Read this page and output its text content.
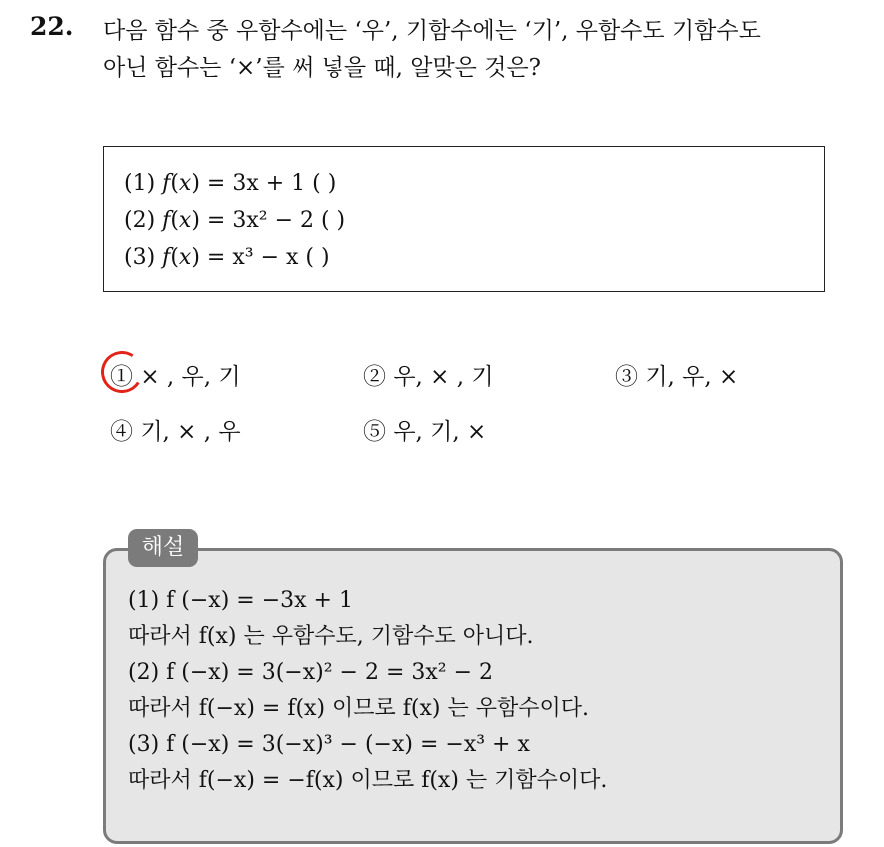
22. 다음 함수 중 우함수에는 ‘우’, 기함수에는 ‘기’, 우함수도 기함수도
아닌 함수는 ‘×’를 써 넣을 때, 알맞은 것은?
(1) f(x) = 3x + 1 ( )
(2) f(x) = 3x² − 2 ( )
(3) f(x) = x³ − x ( )
① × , 우, 기	② 우, × , 기	③ 기, 우, ×
④ 기, × , 우	⑤ 우, 기, ×
(1) f (−x) = −3x + 1
따라서 f(x) 는 우함수도, 기함수도 아니다.
(2) f (−x) = 3(−x)² − 2 = 3x² − 2
따라서 f(−x) = f(x) 이므로 f(x) 는 우함수이다.
(3) f (−x) = 3(−x)³ − (−x) = −x³ + x
따라서 f(−x) = −f(x) 이므로 f(x) 는 기함수이다.
해설
